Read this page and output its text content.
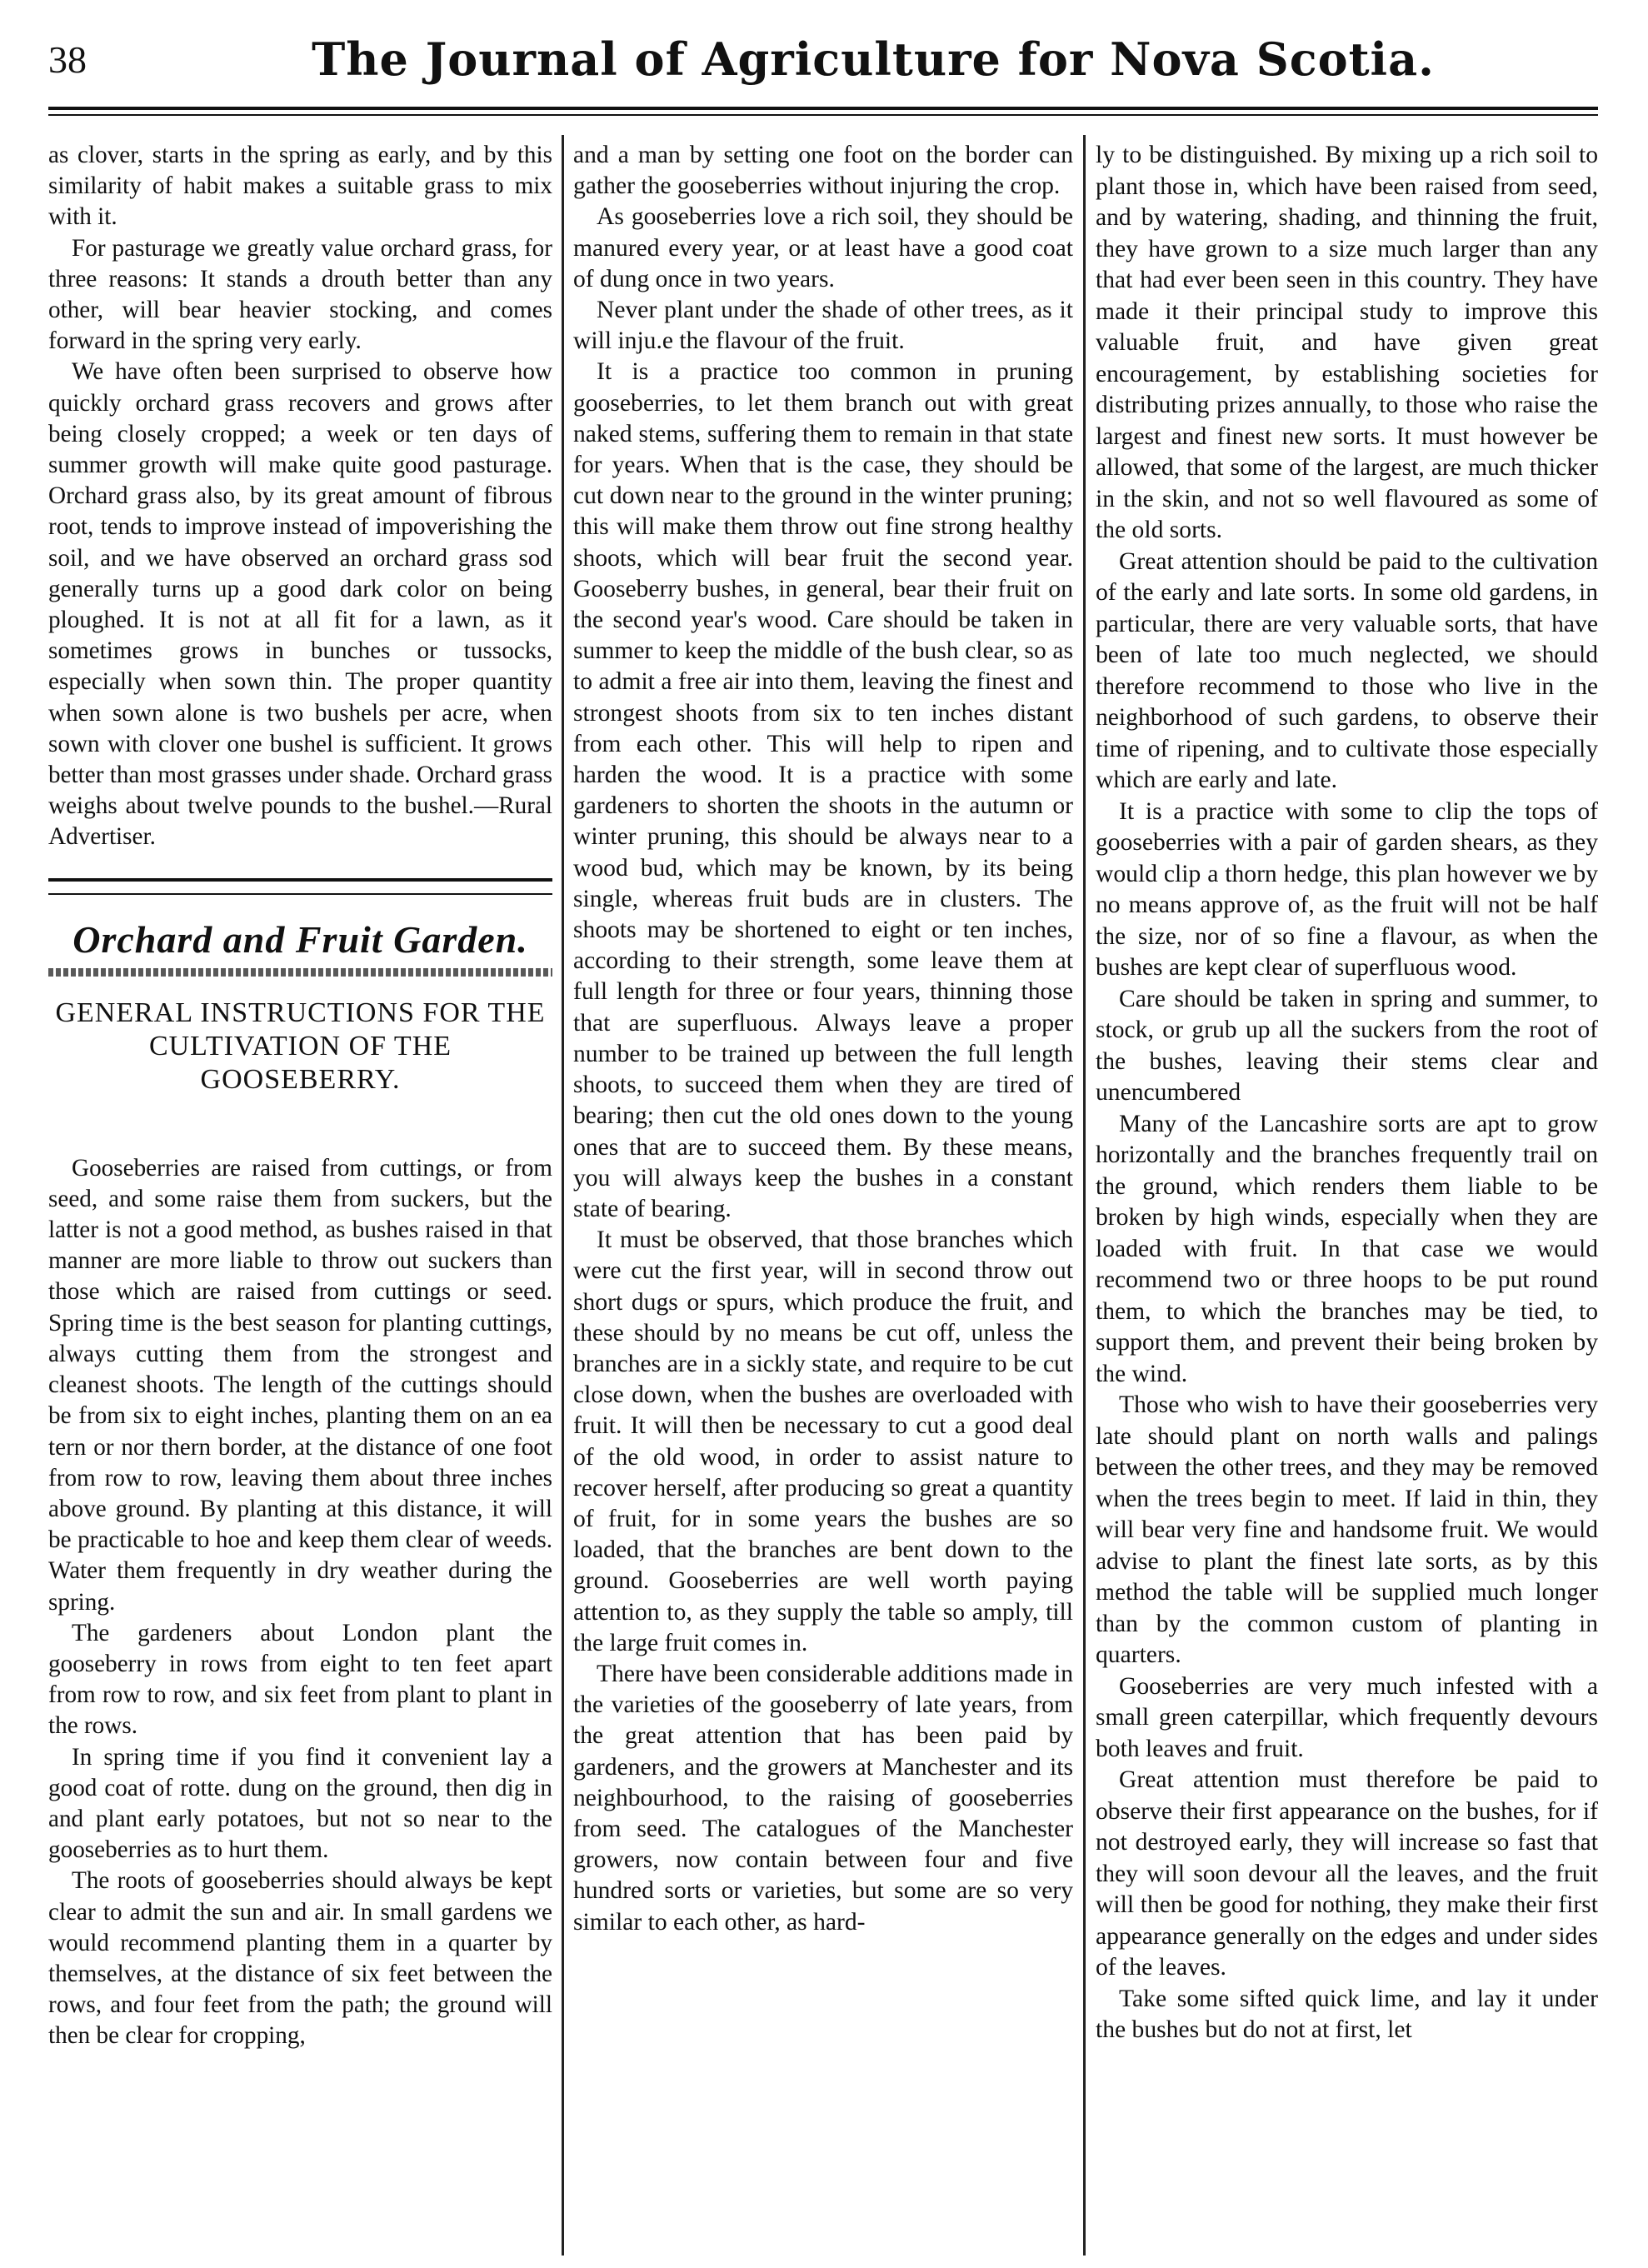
38	The Journal of Agriculture for Nova Scotia.

as clover, starts in the spring as early, and by this similarity of habit makes a suitable grass to mix with it.

For pasturage we greatly value orchard grass, for three reasons: It stands a drouth better than any other, will bear heavier stocking, and comes forward in the spring very early.

We have often been surprised to observe how quickly orchard grass recovers and grows after being closely cropped; a week or ten days of summer growth will make quite good pasturage. Orchard grass also, by its great amount of fibrous root, tends to improve instead of impoverishing the soil, and we have observed an orchard grass sod generally turns up a good dark color on being ploughed. It is not at all fit for a lawn, as it sometimes grows in bunches or tussocks, especially when sown thin. The proper quantity when sown alone is two bushels per acre, when sown with clover one bushel is sufficient. It grows better than most grasses under shade. Orchard grass weighs about twelve pounds to the bushel.—Rural Advertiser.

Orchard and Fruit Garden.
GENERAL INSTRUCTIONS FOR THE CULTIVATION OF THE GOOSEBERRY.

Gooseberries are raised from cuttings, or from seed, and some raise them from suckers, but the latter is not a good method, as bushes raised in that manner are more liable to throw out suckers than those which are raised from cuttings or seed. Spring time is the best season for planting cuttings, always cutting them from the strongest and cleanest shoots. The length of the cuttings should be from six to eight inches, planting them on an ea tern or nor thern border, at the distance of one foot from row to row, leaving them about three inches above ground. By planting at this distance, it will be practicable to hoe and keep them clear of weeds. Water them frequently in dry weather during the spring.

The gardeners about London plant the gooseberry in rows from eight to ten feet apart from row to row, and six feet from plant to plant in the rows.

In spring time if you find it convenient lay a good coat of rotte. dung on the ground, then dig in and plant early potatoes, but not so near to the gooseberries as to hurt them.

The roots of gooseberries should always be kept clear to admit the sun and air. In small gardens we would recommend planting them in a quarter by themselves, at the distance of six feet between the rows, and four feet from the path; the ground will then be clear for cropping,

and a man by setting one foot on the border can gather the gooseberries without injuring the crop.

As gooseberries love a rich soil, they should be manured every year, or at least have a good coat of dung once in two years.

Never plant under the shade of other trees, as it will inju.e the flavour of the fruit.

It is a practice too common in pruning gooseberries, to let them branch out with great naked stems, suffering them to remain in that state for years. When that is the case, they should be cut down near to the ground in the winter pruning; this will make them throw out fine strong healthy shoots, which will bear fruit the second year. Gooseberry bushes, in general, bear their fruit on the second year's wood. Care should be taken in summer to keep the middle of the bush clear, so as to admit a free air into them, leaving the finest and strongest shoots from six to ten inches distant from each other. This will help to ripen and harden the wood. It is a practice with some gardeners to shorten the shoots in the autumn or winter pruning, this should be always near to a wood bud, which may be known, by its being single, whereas fruit buds are in clusters. The shoots may be shortened to eight or ten inches, according to their strength, some leave them at full length for three or four years, thinning those that are superfluous. Always leave a proper number to be trained up between the full length shoots, to succeed them when they are tired of bearing; then cut the old ones down to the young ones that are to succeed them. By these means, you will always keep the bushes in a constant state of bearing.

It must be observed, that those branches which were cut the first year, will in second throw out short dugs or spurs, which produce the fruit, and these should by no means be cut off, unless the branches are in a sickly state, and require to be cut close down, when the bushes are overloaded with fruit. It will then be necessary to cut a good deal of the old wood, in order to assist nature to recover herself, after producing so great a quantity of fruit, for in some years the bushes are so loaded, that the branches are bent down to the ground. Gooseberries are well worth paying attention to, as they supply the table so amply, till the large fruit comes in.

There have been considerable additions made in the varieties of the gooseberry of late years, from the great attention that has been paid by gardeners, and the growers at Manchester and its neighbourhood, to the raising of gooseberries from seed. The catalogues of the Manchester growers, now contain between four and five hundred sorts or varieties, but some are so very similar to each other, as hard-

ly to be distinguished. By mixing up a rich soil to plant those in, which have been raised from seed, and by watering, shading, and thinning the fruit, they have grown to a size much larger than any that had ever been seen in this country. They have made it their principal study to improve this valuable fruit, and have given great encouragement, by establishing societies for distributing prizes annually, to those who raise the largest and finest new sorts. It must however be allowed, that some of the largest, are much thicker in the skin, and not so well flavoured as some of the old sorts.

Great attention should be paid to the cultivation of the early and late sorts. In some old gardens, in particular, there are very valuable sorts, that have been of late too much neglected, we should therefore recommend to those who live in the neighborhood of such gardens, to observe their time of ripening, and to cultivate those especially which are early and late.

It is a practice with some to clip the tops of gooseberries with a pair of garden shears, as they would clip a thorn hedge, this plan however we by no means approve of, as the fruit will not be half the size, nor of so fine a flavour, as when the bushes are kept clear of superfluous wood.

Care should be taken in spring and summer, to stock, or grub up all the suckers from the root of the bushes, leaving their stems clear and unencumbered

Many of the Lancashire sorts are apt to grow horizontally and the branches frequently trail on the ground, which renders them liable to be broken by high winds, especially when they are loaded with fruit. In that case we would recommend two or three hoops to be put round them, to which the branches may be tied, to support them, and prevent their being broken by the wind.

Those who wish to have their gooseberries very late should plant on north walls and palings between the other trees, and they may be removed when the trees begin to meet. If laid in thin, they will bear very fine and handsome fruit. We would advise to plant the finest late sorts, as by this method the table will be supplied much longer than by the common custom of planting in quarters.

Gooseberries are very much infested with a small green caterpillar, which frequently devours both leaves and fruit.

Great attention must therefore be paid to observe their first appearance on the bushes, for if not destroyed early, they will increase so fast that they will soon devour all the leaves, and the fruit will then be good for nothing, they make their first appearance generally on the edges and under sides of the leaves.

Take some sifted quick lime, and lay it under the bushes but do not at first, let
